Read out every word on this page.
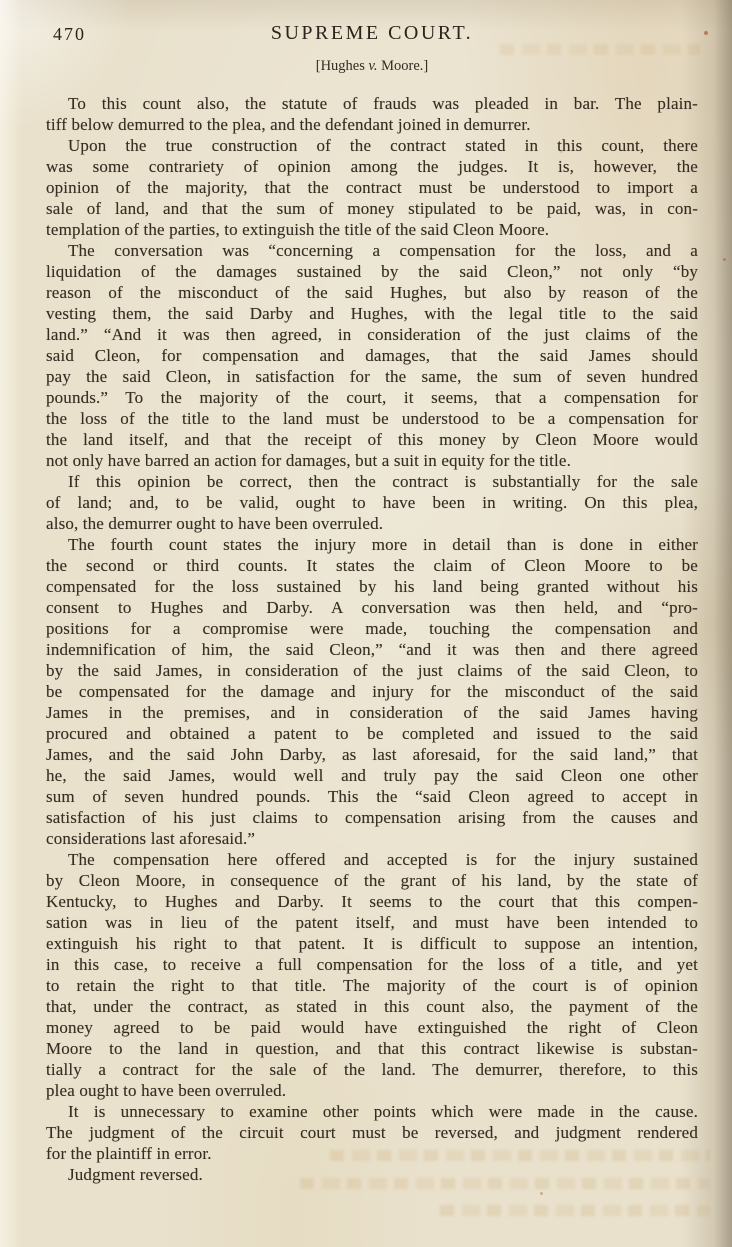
470	SUPREME COURT.
[Hughes v. Moore.]
To this count also, the statute of frauds was pleaded in bar. The plain-
tiff below demurred to the plea, and the defendant joined in demurrer.
Upon the true construction of the contract stated in this count, there
was some contrariety of opinion among the judges. It is, however, the
opinion of the majority, that the contract must be understood to import a
sale of land, and that the sum of money stipulated to be paid, was, in con-
templation of the parties, to extinguish the title of the said Cleon Moore.
The conversation was “concerning a compensation for the loss, and a
liquidation of the damages sustained by the said Cleon,” not only “by
reason of the misconduct of the said Hughes, but also by reason of the
vesting them, the said Darby and Hughes, with the legal title to the said
land.” “And it was then agreed, in consideration of the just claims of the
said Cleon, for compensation and damages, that the said James should
pay the said Cleon, in satisfaction for the same, the sum of seven hundred
pounds.” To the majority of the court, it seems, that a compensation for
the loss of the title to the land must be understood to be a compensation for
the land itself, and that the receipt of this money by Cleon Moore would
not only have barred an action for damages, but a suit in equity for the title.
If this opinion be correct, then the contract is substantially for the sale
of land; and, to be valid, ought to have been in writing. On this plea,
also, the demurrer ought to have been overruled.
The fourth count states the injury more in detail than is done in either
the second or third counts. It states the claim of Cleon Moore to be
compensated for the loss sustained by his land being granted without his
consent to Hughes and Darby. A conversation was then held, and “pro-
positions for a compromise were made, touching the compensation and
indemnification of him, the said Cleon,” “and it was then and there agreed
by the said James, in consideration of the just claims of the said Cleon, to
be compensated for the damage and injury for the misconduct of the said
James in the premises, and in consideration of the said James having
procured and obtained a patent to be completed and issued to the said
James, and the said John Darby, as last aforesaid, for the said land,” that
he, the said James, would well and truly pay the said Cleon one other
sum of seven hundred pounds. This the “said Cleon agreed to accept in
satisfaction of his just claims to compensation arising from the causes and
considerations last aforesaid.”
The compensation here offered and accepted is for the injury sustained
by Cleon Moore, in consequence of the grant of his land, by the state of
Kentucky, to Hughes and Darby. It seems to the court that this compen-
sation was in lieu of the patent itself, and must have been intended to
extinguish his right to that patent. It is difficult to suppose an intention,
in this case, to receive a full compensation for the loss of a title, and yet
to retain the right to that title. The majority of the court is of opinion
that, under the contract, as stated in this count also, the payment of the
money agreed to be paid would have extinguished the right of Cleon
Moore to the land in question, and that this contract likewise is substan-
tially a contract for the sale of the land. The demurrer, therefore, to this
plea ought to have been overruled.
It is unnecessary to examine other points which were made in the cause.
The judgment of the circuit court must be reversed, and judgment rendered
for the plaintiff in error.
Judgment reversed.
